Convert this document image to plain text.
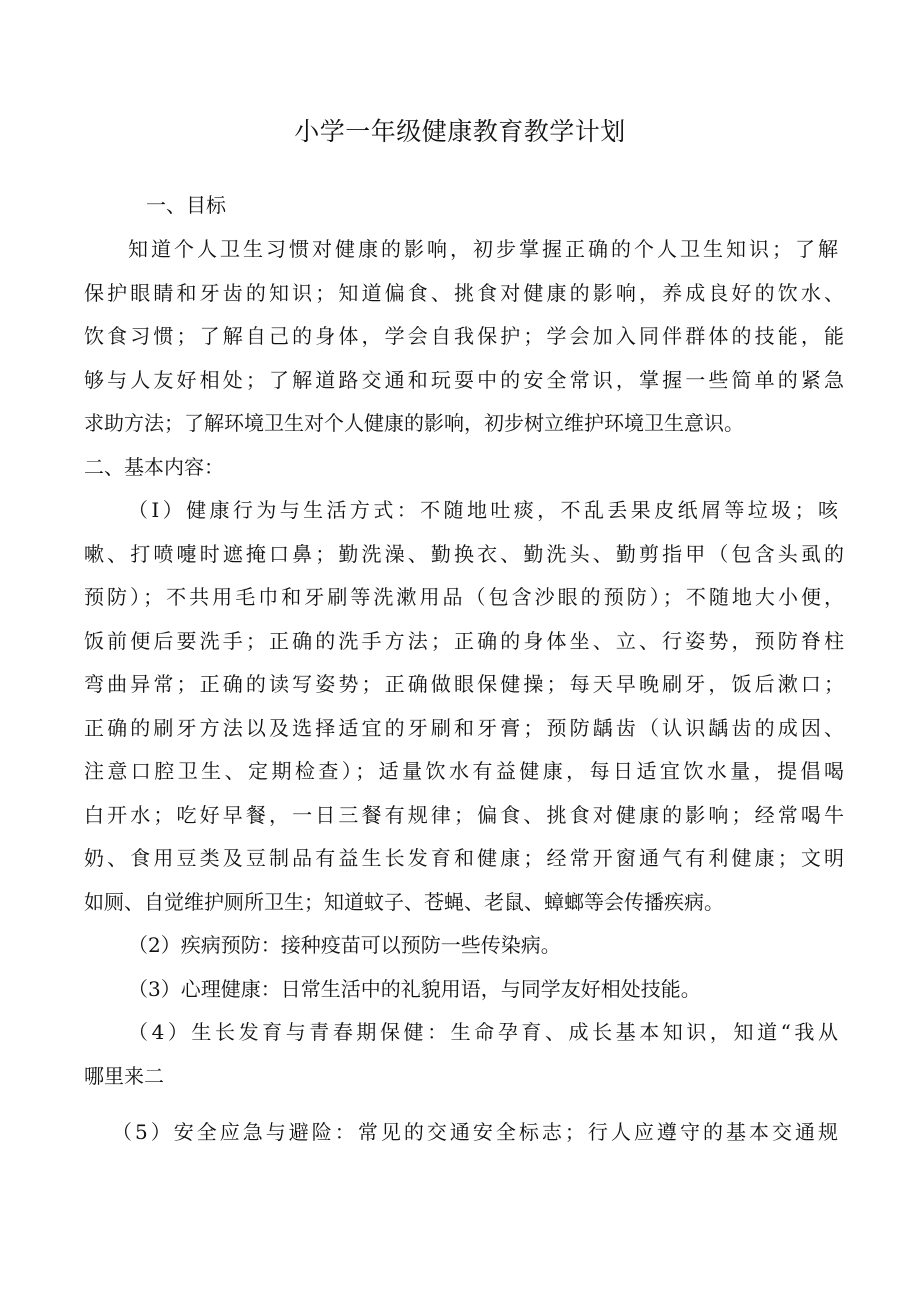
小学一年级健康教育教学计划

一、目标

知道个人卫生习惯对健康的影响，初步掌握正确的个人卫生知识；了解

保护眼睛和牙齿的知识；知道偏食、挑食对健康的影响，养成良好的饮水、

饮食习惯；了解自己的身体，学会自我保护；学会加入同伴群体的技能，能

够与人友好相处；了解道路交通和玩耍中的安全常识，掌握一些简单的紧急

求助方法；了解环境卫生对个人健康的影响，初步树立维护环境卫生意识。

二、基本内容：

（I）健康行为与生活方式：不随地吐痰，不乱丢果皮纸屑等垃圾；咳

嗽、打喷嚏时遮掩口鼻；勤洗澡、勤换衣、勤洗头、勤剪指甲（包含头虱的

预防）；不共用毛巾和牙刷等洗漱用品（包含沙眼的预防）；不随地大小便，

饭前便后要洗手；正确的洗手方法；正确的身体坐、立、行姿势，预防脊柱

弯曲异常；正确的读写姿势；正确做眼保健操；每天早晚刷牙，饭后漱口；

正确的刷牙方法以及选择适宜的牙刷和牙膏；预防龋齿（认识龋齿的成因、

注意口腔卫生、定期检查）；适量饮水有益健康，每日适宜饮水量，提倡喝

白开水；吃好早餐，一日三餐有规律；偏食、挑食对健康的影响；经常喝牛

奶、食用豆类及豆制品有益生长发育和健康；经常开窗通气有利健康；文明

如厕、自觉维护厕所卫生；知道蚊子、苍蝇、老鼠、蟑螂等会传播疾病。

（2）疾病预防：接种疫苗可以预防一些传染病。

（3）心理健康：日常生活中的礼貌用语，与同学友好相处技能。

（4）生长发育与青春期保健：生命孕育、成长基本知识，知道“我从

哪里来二

（5）安全应急与避险：常见的交通安全标志；行人应遵守的基本交通规
